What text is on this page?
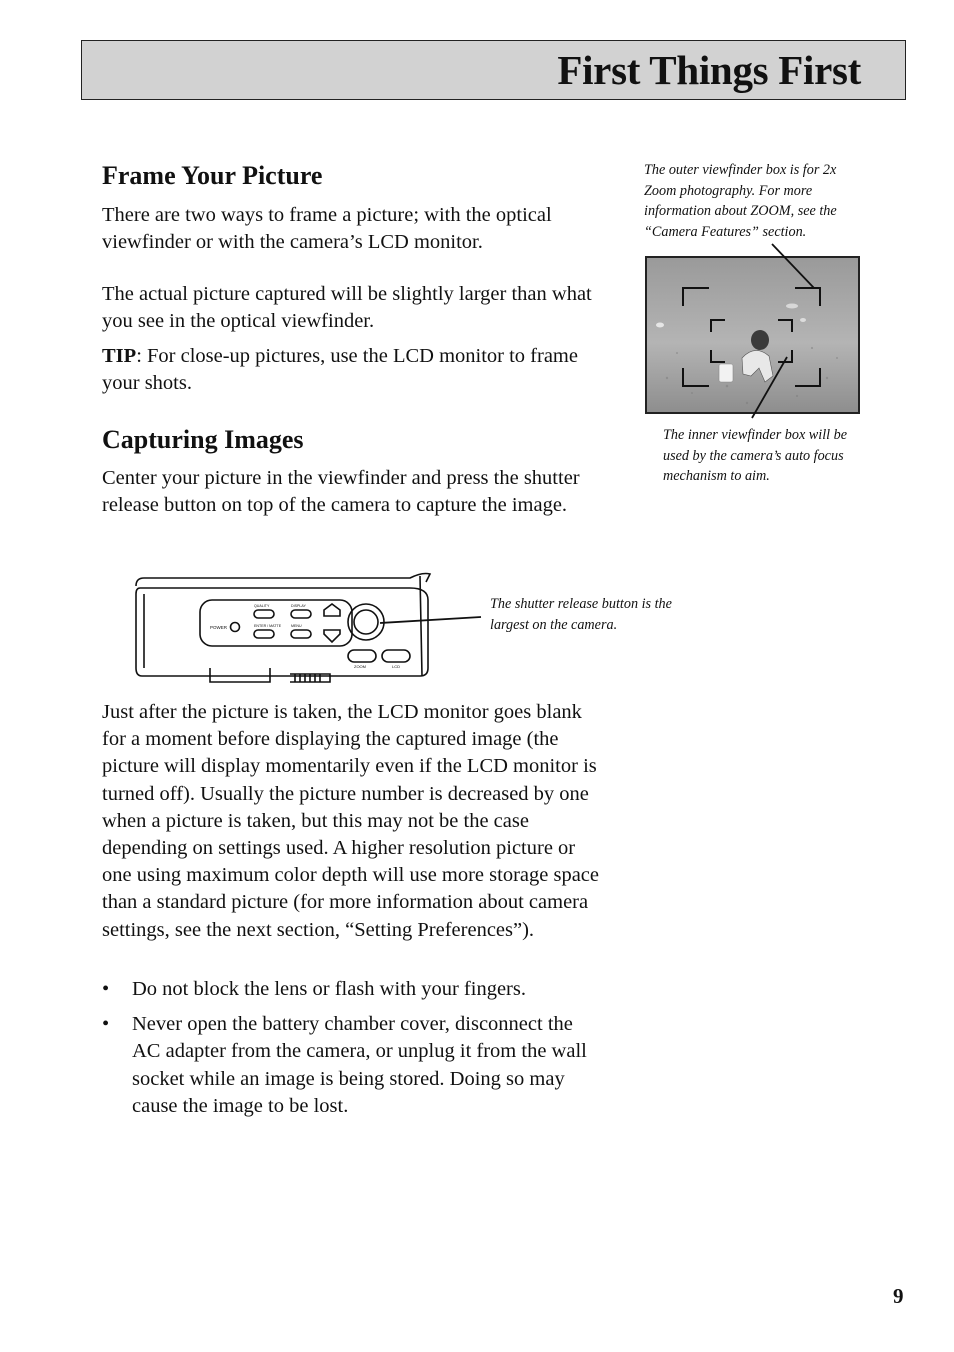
First Things First
Frame Your Picture

There are two ways to frame a picture; with the optical viewfinder or with the camera’s LCD monitor.

The actual picture captured will be slightly larger than what you see in the optical viewfinder.

TIP: For close-up pictures, use the LCD monitor to frame your shots.

Capturing Images

Center your picture in the viewfinder and press the shutter release button on top of the camera to capture the image.

The outer viewfinder box is for 2x Zoom photography. For more information about ZOOM, see the “Camera Features” section.

The inner viewfinder box will be used by the camera’s auto focus mechanism to aim.

POWER
QUALITY	DISPLAY
ENTER / MATTE	MENU
ZOOM	LCD

The shutter release button is the largest on the camera.

Just after the picture is taken, the LCD monitor goes blank for a moment before displaying the captured image (the picture will display momentarily even if the LCD monitor is turned off). Usually the picture number is decreased by one when a picture is taken, but this may not be the case depending on settings used. A higher resolution picture or one using maximum color depth will use more storage space than a standard picture (for more information about camera settings, see the next section, “Setting Preferences”).

• Do not block the lens or flash with your fingers.
• Never open the battery chamber cover, disconnect the AC adapter from the camera, or unplug it from the wall socket while an image is being stored. Doing so may cause the image to be lost.
9
